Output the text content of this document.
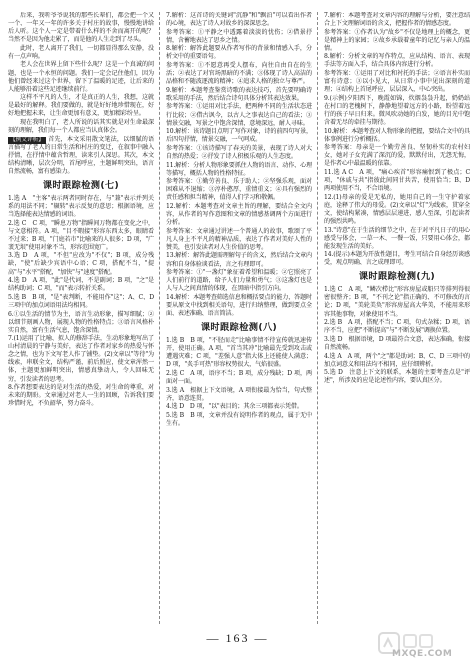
后来，我听爷爷说我的那些长辈们，都会把一个又一个、一年又一年的许多关于村庄的故事，慢慢地讲给后人听。这个人一定是带着什么样的不舍而离开的呢？当然不是因为他走累了，而是他的人生走到了尽头。
此时，老人离开了我们，一切都显得那么安静，没有一点声响。
老人会在世界上留下些什么呢？这是一个真诚的问题，也是一个永恒的问题。我们一定会记住他们，因为他们曾经来过这个世界，留下了温暖的足迹，让后来的人能够沿着这些足迹继续前行。
这样不平凡的人生，才是真正的人生，我想，这就是最好的解释。我们要做的，就是好好地珍惜现在，好好地把握未来，让生命更加有意义，更加精彩纷呈。
现在我明白了，老人所说的话其实就是对生命最深刻的理解，我们每一个人都应当认真体会。
【例文评析】 首先，本文采用散文笔法，以细腻的语言描写了老人的日常生活和村庄的变迁，在叙事中融入抒情，在抒情中蕴含哲理，读来引人深思。其次，本文结构清晰，层次分明，首尾呼应，主题鲜明突出，语言自然流畅，富有感染力。
课时跟踪检测(七)
1.选 A　"主客"表示两者同时存在，与"兼"表示并列关系的用法不同；"辗转"表示反复的意思；根据语境，应当选择能表达情感的词语。
2.选 C　C 项，"瞬息万物"指瞬间万物都在变化之中，与文意相符。A 项，"目不暇接"形容东西太多，眼睛看不过来；B 项，"门庭若市"比喻来的人很多；D 项，"广袤无垠"使用对象不当，形容范围宽广。
3.选 D　A 项，"不但"应改为"不仅"；B 项，成分残缺，"使"后缺少宾语中心语；C 项，搭配不当，"提高"与"水平"搭配，"加快"与"速度"搭配。
4.选 D　A 项，"此"是代词，不是副词；B 项，"之"是结构助词；C 项，"而"表示转折关系。
5.选 B　B 项，"是"表判断，不能用作"这"；A、C、D 三项中的加点词语用法均相同。
6.①以生活的情节为主，语言生动形象，描写细腻；②以细节刻画人物，展现人物的性格特点；③语言风格朴实自然，富有生活气息，饱含深情。
7.(1)运用了比喻、拟人的修辞手法，生动形象地写出了山村清晨的宁静与美好，表达了作者对家乡的热爱与怀念之情，也为下文写老人作了铺垫。(2)文章以"等待"为线索，串联全文，结构严谨，前后照应，使文章浑然一体，主题更加鲜明突出，情感真挚动人，令人回味无穷，引发读者的思考。
8.作者想要表达的是对生活的热爱，对生命的尊重，对未来的期盼。文章通过对老人一生的回顾，告诉我们要珍惜时光，不负韶华，努力奋斗。
7.解析：这首诗的关键词"沉静"和"飘泊"可以看出作者的心境，表达了诗人对故乡的深深思念。
参考答案：①平静之中透露着淡淡的忧伤；②借景抒情，含蓄地表达了思乡之情。
8.解析：解答此题要从作者写作的背景和情感入手，分析文中的重要语句。
参考答案：①不愿意再受人摆布，向往自由自在的生活；②表达了对官场黑暗的不满；③体现了诗人高洁的品格和不随波逐流的精神；④追求人格的独立与尊严。
9.解析：本题考查鉴赏诗歌的表达技巧，首先要明确诗歌采用的手法，然后结合诗句具体分析其表达效果。
参考答案：①运用对比手法，把两种不同的生活状态进行比较；②借古讽今，以古人之事表达自己的看法；③情景交融，写景之中饱含深情，意境深远，耐人寻味。
10.解析：该诗题目点明了写作对象，诗的前四句写景，后四句抒情，情景交融，一气呵成。
参考答案：①该诗描写了春天的美景，表现了诗人对大自然的热爱；②抒发了诗人积极乐观的人生态度。
11.解析：分析人物形象要抓住人物的语言、动作、心理等描写，概括人物的性格特征。
参考答案：①勤劳善良、乐于助人；②坚强乐观，面对困难从不退缩；③淳朴憨厚，重情重义；④具有强烈的责任感和担当精神，值得人们学习和敬佩。
12.解析：本题考查对文章主旨的理解，要结合全文内容，从作者的写作意图和文章的情感基调两个方面进行分析。
参考答案：文章通过讲述一个普通人的故事，歌颂了平凡人身上不平凡的精神品质，表达了作者对美好人性的赞美，也引发读者对人生价值的思考。
13.解析：解答此题需理解句子的含义，然后结合文章内容和自身体验谈看法，言之有理即可。
参考答案：①"一盏灯"象征着希望和温暖；②它照亮了人们前行的道路，给予人们力量和勇气；③这盏灯也是人与人之间真情的体现，在黑暗中指引方向。
14.解析：本题考查筛选信息和概括要点的能力，答题时要从原文中找到相关语句，进行归纳整理，做到要点全面、表述准确、语言简洁。
课时跟踪检测(八)
1.选 B　B 项，"不胫而走"比喻事情不待宣传就迅速传开，使用正确。A 项，"首当其冲"比喻最先受到攻击或遭遇灾难；C 项，"差强人意"指大体上还能使人满意；D 项，"炙手可热"形容权势很大，气焰很盛。
2.选 C　A 项，语序不当；B 项，成分残缺；D 项，两面对一面。
3.选 A　根据上下文语境，A 项衔接最为恰当，句式整齐，语意连贯。
4.选 D　D 项，"以"表目的；其余三项都表示凭借。
5.选 B　B 项，文章并没有说明作者的观点，属于无中生有。
7.解析：本题考查对文章内容的理解与分析，要注意结合上下文理解词语的含义，把握作者的情感态度。
参考答案：①作者认为"故乡"不仅是地理上的概念，更是精神上的家园；②故乡承载着童年的记忆与亲人的温情。
8.解析：分析文章的写作特点，应从结构、语言、表现手法等方面入手，结合具体内容进行分析。
参考答案：①运用了对比和衬托的手法；②语言朴实而富有诗意；③以小见大，从日常小事中见出深刻的道理；④结构上首尾呼应，层层深入，中心突出。
9.(示例)夕阳西下，晚霞如锦，炊烟袅袅升起，奶奶站在村口的老槐树下，静静地望着远方的小路，盼望着远行的孩子早日归来。微风吹动她的白发，她的目光中饱含着无尽的牵挂与期待。
10.解析：本题考查对人物形象的把握，要结合文中的具体事例进行分析概括。
参考答案：母亲是一个勤劳善良、坚韧朴实的农村妇女，她对子女充满了深沉的爱，默默付出，无怨无悔，是作者心中最温暖的依靠。
11.选 A C　A 项，"痛心疾首"形容痛恨到了极点；C 项，"休戚与共"指彼此间同甘共苦，使用恰当；B、D 两项使用不当，不合语境。
12.(1)母亲的爱是无私的，她用自己的一生守护着家庭，诠释了伟大的母爱。(2)文章以"灯"为线索，贯穿全文，使结构紧凑，情感层层递进，感人至深，引起读者的强烈共鸣。
13."诗意"在于生活的细节之中，在于对平凡日子的用心感受与体会，一草一木、一餐一饭，只要用心体会，都能发现生活的美好。
14.(提示)本题为开放性题目，考生可结合自身经历谈感受，观点明确、言之成理即可。
课时跟踪检测(九)
1.选 C　A 项，"鳞次栉比"形容房屋或船只等排列得很密很整齐；B 项，"不刊之论"指正确的、不可修改的言论；D 项，"美轮美奂"形容房屋高大华美，不能用来形容其他事物，对象使用不当。
2.选 B　A 项，搭配不当；C 项，句式杂糅；D 项，语序不当，应把"不断提高"与"不断发展"调换位置。
3.选 D　根据语境，D 项最符合文意，表达准确，衔接自然流畅。
4.选 A　A 项，两个"之"都是助词；B、C、D 三项中的加点词意义和用法均不相同，应仔细辨析。
5.选 D　注意上下文的联系，本题的主要考查点是"评述"，所涉及的应是论述性内容，要认真区分。
— 163 —
MXQE.COM
